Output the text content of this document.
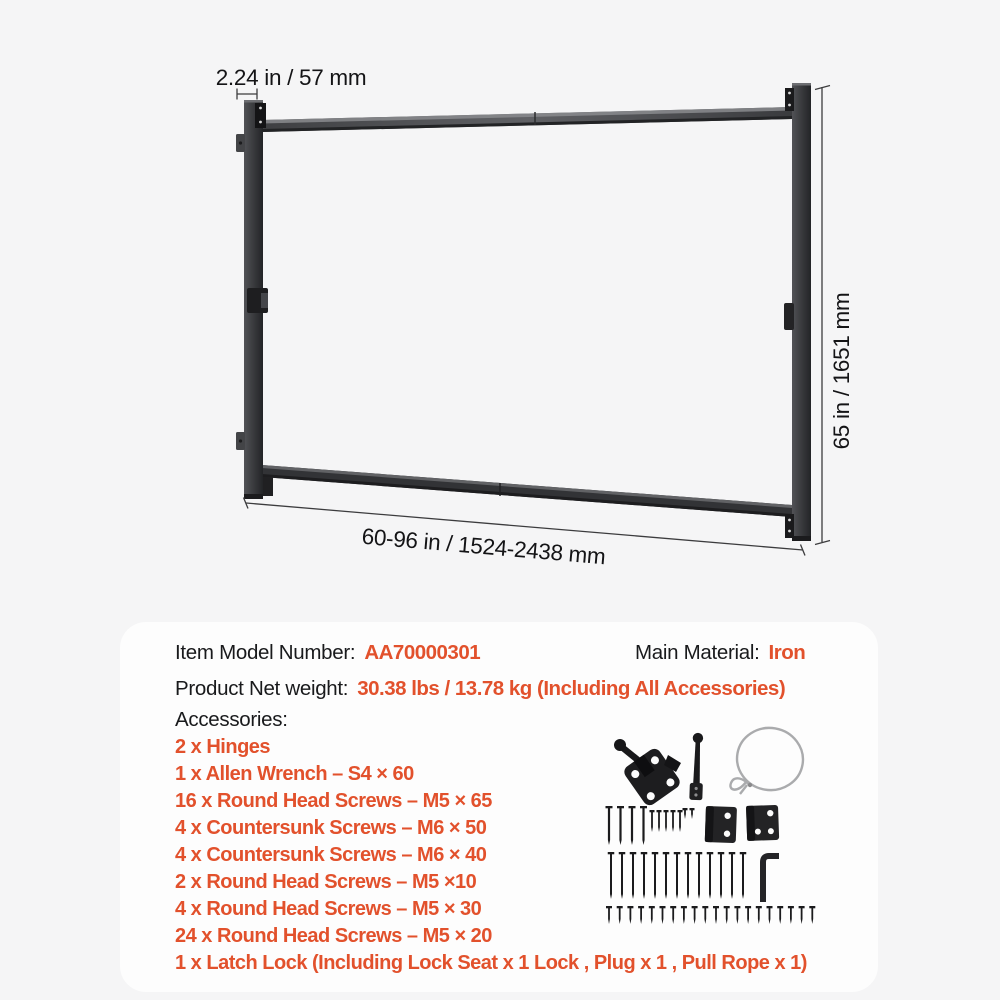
2.24 in / 57 mm
65 in / 1651 mm
60-96 in / 1524-2438 mm
Item Model Number: AA70000301	Main Material: Iron
Product Net weight: 30.38 lbs / 13.78 kg (Including All Accessories)
Accessories:
2 x Hinges
1 x Allen Wrench – S4 × 60
16 x Round Head Screws – M5 × 65
4 x Countersunk Screws – M6 × 50
4 x Countersunk Screws – M6 × 40
2 x Round Head Screws – M5 ×10
4 x Round Head Screws – M5 × 30
24 x Round Head Screws – M5 × 20
1 x Latch Lock (Including Lock Seat x 1 Lock , Plug x 1 , Pull Rope x 1)
